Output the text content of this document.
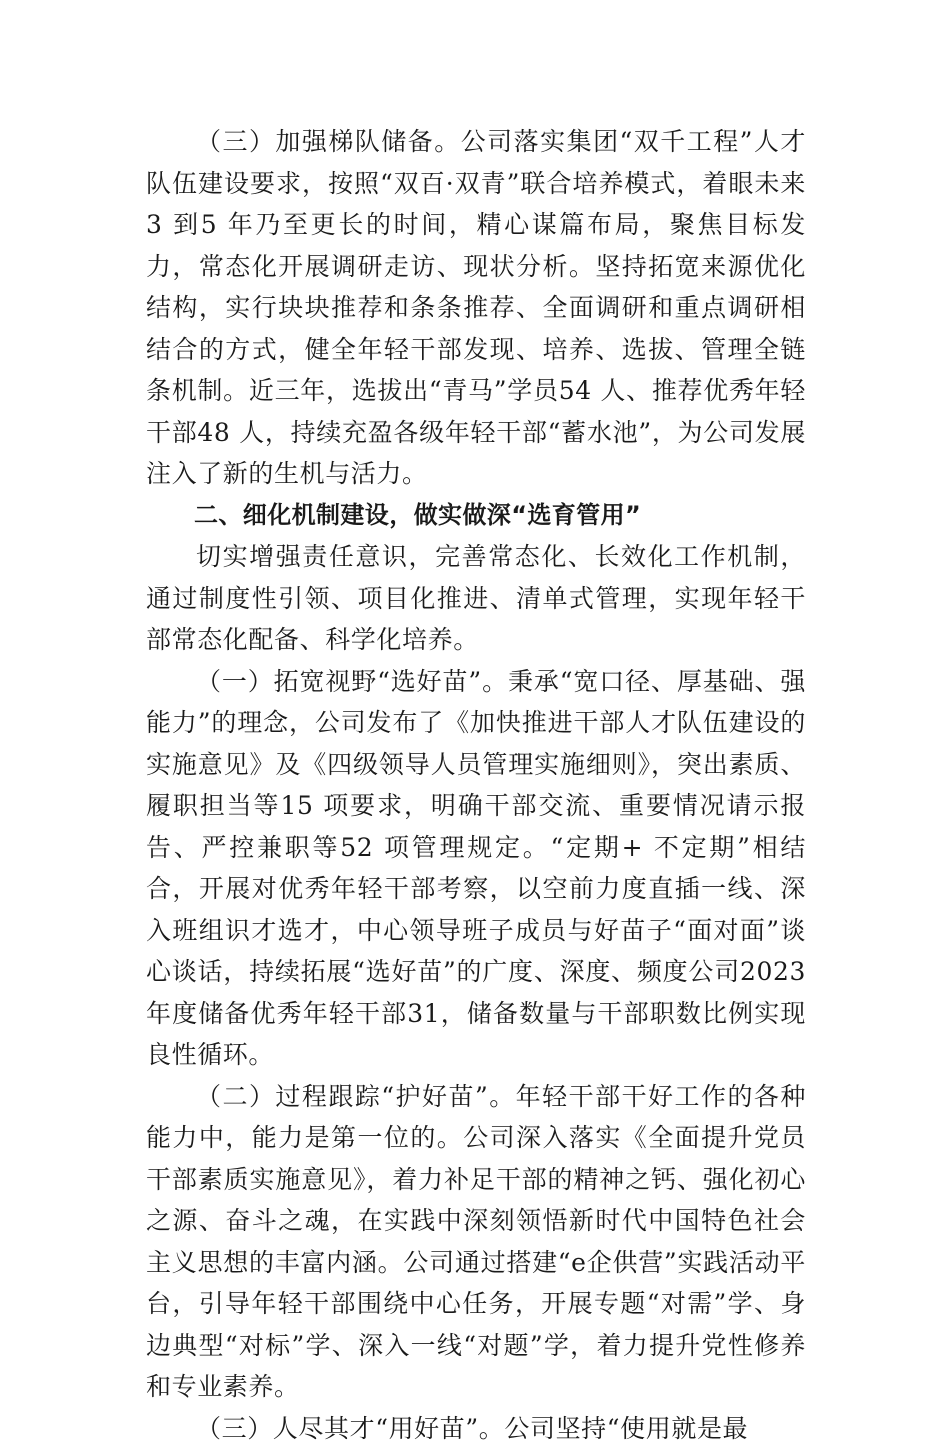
（三）加强梯队储备。公司落实集团“双千工程”人才队伍建设要求，按照“双百·双青”联合培养模式，着眼未来3 到5 年乃至更长的时间，精心谋篇布局，聚焦目标发力，常态化开展调研走访、现状分析。坚持拓宽来源优化结构，实行块块推荐和条条推荐、全面调研和重点调研相结合的方式，健全年轻干部发现、培养、选拔、管理全链条机制。近三年，选拔出“青马”学员54 人、推荐优秀年轻干部48 人，持续充盈各级年轻干部“蓄水池”，为公司发展注入了新的生机与活力。

二、细化机制建设，做实做深“选育管用”

切实增强责任意识，完善常态化、长效化工作机制，通过制度性引领、项目化推进、清单式管理，实现年轻干部常态化配备、科学化培养。

（一）拓宽视野“选好苗”。秉承“宽口径、厚基础、强能力”的理念，公司发布了《加快推进干部人才队伍建设的实施意见》及《四级领导人员管理实施细则》，突出素质、履职担当等15 项要求，明确干部交流、重要情况请示报告、严控兼职等52 项管理规定。“定期+ 不定期”相结合，开展对优秀年轻干部考察，以空前力度直插一线、深入班组识才选才，中心领导班子成员与好苗子“面对面”谈心谈话，持续拓展“选好苗”的广度、深度、频度公司2023 年度储备优秀年轻干部31，储备数量与干部职数比例实现良性循环。

（二）过程跟踪“护好苗”。年轻干部干好工作的各种能力中，能力是第一位的。公司深入落实《全面提升党员干部素质实施意见》，着力补足干部的精神之钙、强化初心之源、奋斗之魂，在实践中深刻领悟新时代中国特色社会主义思想的丰富内涵。公司通过搭建“e企供营”实践活动平台，引导年轻干部围绕中心任务，开展专题“对需”学、身边典型“对标”学、深入一线“对题”学，着力提升党性修养和专业素养。

（三）人尽其才“用好苗”。公司坚持“使用就是最
